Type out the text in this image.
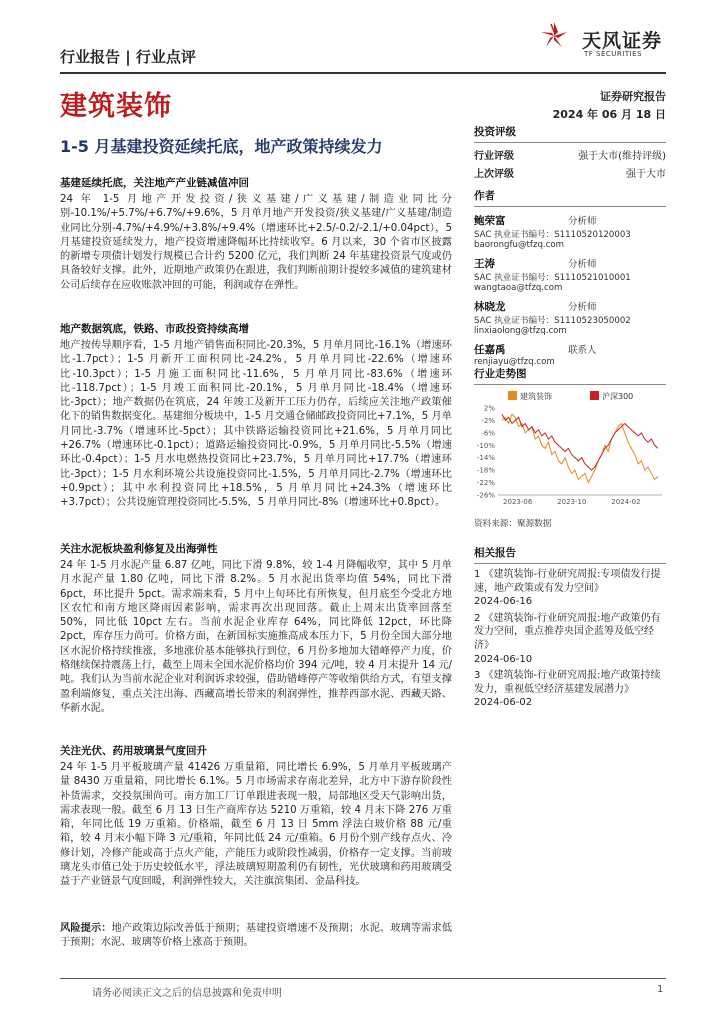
行业报告 | 行业点评
天风证券
TF SECURITIES
建筑装饰	证券研究报告
2024 年 06 月 18 日
1-5 月基建投资延续托底，地产政策持续发力
基建延续托底，关注地产产业链减值冲回
24 年 1-5 月地产开发投资/狭义基建/广义基建/制造业同比分别-10.1%/+5.7%/+6.7%/+9.6%，5 月单月地产开发投资/狭义基建/广义基建/制造业同比分别-4.7%/+4.9%/+3.8%/+9.4%（增速环比+2.5/-0.2/-2.1/+0.04pct），5 月基建投资延续发力，地产投资增速降幅环比持续收窄。6 月以来，30 个省市区披露的新增专项债计划发行规模已合计约 5200 亿元，我们判断 24 年基建投资景气度或仍具备较好支撑。此外，近期地产政策仍在跟进，我们判断前期计提较多减值的建筑建材公司后续存在应收账款冲回的可能，利润或存在弹性。
地产数据筑底，铁路、市政投资持续高增
地产按传导顺序看，1-5 月地产销售面积同比-20.3%，5 月单月同比-16.1%（增速环比-1.7pct）；1-5 月新开工面积同比-24.2%，5 月单月同比-22.6%（增速环比-10.3pct）；1-5 月施工面积同比-11.6%，5 月单月同比-83.6%（增速环比-118.7pct）；1-5 月竣工面积同比-20.1%，5 月单月同比-18.4%（增速环比-3pct）；地产数据仍在筑底，24 年竣工及新开工压力仍存，后续应关注地产政策催化下的销售数据变化。基建细分板块中，1-5 月交通仓储邮政投资同比+7.1%，5 月单月同比-3.7%（增速环比-5pct）；其中铁路运输投资同比+21.6%，5 月单月同比+26.7%（增速环比-0.1pct）；道路运输投资同比-0.9%，5 月单月同比-5.5%（增速环比-0.4pct）；1-5 月水电燃热投资同比+23.7%，5 月单月同比+17.7%（增速环比-3pct）；1-5 月水利环境公共设施投资同比-1.5%，5 月单月同比-2.7%（增速环比+0.9pct）；其中水利投资同比+18.5%，5 月单月同比+24.3%（增速环比+3.7pct）；公共设施管理投资同比-5.5%，5 月单月同比-8%（增速环比+0.8pct）。
关注水泥板块盈利修复及出海弹性
24 年 1-5 月水泥产量 6.87 亿吨，同比下滑 9.8%，较 1-4 月降幅收窄，其中 5 月单月水泥产量 1.80 亿吨，同比下滑 8.2%。5 月水泥出货率均值 54%，同比下滑 6pct，环比提升 5pct。需求端来看，5 月中上旬环比有所恢复，但月底至今受北方地区农忙和南方地区降雨因素影响，需求再次出现回落。截止上周末出货率回落至 50%，同比低 10pct 左右。当前水泥企业库存 64%，同比降低 12pct，环比降 2pct，库存压力尚可。价格方面，在新国标实施推高成本压力下，5 月份全国大部分地区水泥价格持续推涨，多地涨价基本能够执行到位，6 月份多地加大错峰停产力度，价格继续保持震荡上行，截至上周末全国水泥价格均价 394 元/吨，较 4 月末提升 14 元/吨。我们认为当前水泥企业对利润诉求较强，借助错峰停产等收缩供给方式，有望支撑盈利端修复，重点关注出海、西藏高增长带来的利润弹性，推荐西部水泥、西藏天路、华新水泥。
关注光伏、药用玻璃景气度回升
24 年 1-5 月平板玻璃产量 41426 万重量箱，同比增长 6.9%，5 月单月平板玻璃产量 8430 万重量箱，同比增长 6.1%。5 月市场需求存南北差异，北方中下游存阶段性补货需求，交投氛围尚可。南方加工厂订单跟进表现一般，局部地区受天气影响出货，需求表现一般。截至 6 月 13 日生产商库存达 5210 万重箱，较 4 月末下降 276 万重箱，年同比低 19 万重箱。价格端，截至 6 月 13 日 5mm 浮法白玻价格 88 元/重箱，较 4 月末小幅下降 3 元/重箱，年同比低 24 元/重箱。6 月份个别产线存点火、冷修计划，冷修产能或高于点火产能，产能压力或阶段性减弱，价格存一定支撑。当前玻璃龙头市值已处于历史较低水平，浮法玻璃短期盈利仍有韧性，光伏玻璃和药用玻璃受益于产业链景气度回暖，利润弹性较大，关注旗滨集团、金晶科技。
风险提示：地产政策边际改善低于预期；基建投资增速不及预期；水泥、玻璃等需求低于预期；水泥、玻璃等价格上涨高于预期。
投资评级
行业评级	强于大市(维持评级)
上次评级	强于大市
作者
鲍荣富	分析师
SAC 执业证书编号：S1110520120003
baorongfu@tfzq.com
王涛	分析师
SAC 执业证书编号：S1110521010001
wangtaoa@tfzq.com
林晓龙	分析师
SAC 执业证书编号：S1110523050002
linxiaolong@tfzq.com
任嘉禹	联系人
renjiayu@tfzq.com
行业走势图
建筑装饰	沪深300
2%
-2%
-6%
-10%
-14%
-18%
-22%
-26%
2023-06	2023-10	2024-02
资料来源：聚源数据
相关报告
1 《建筑装饰-行业研究周报:专项债发行提速，地产政策或有发力空间》
2024-06-16
2 《建筑装饰-行业研究周报:地产政策仍有发力空间，重点推荐央国企蓝筹及低空经济》
2024-06-10
3 《建筑装饰-行业研究周报:地产政策持续发力，重视低空经济基建发展潜力》
2024-06-02
请务必阅读正文之后的信息披露和免责申明	1
